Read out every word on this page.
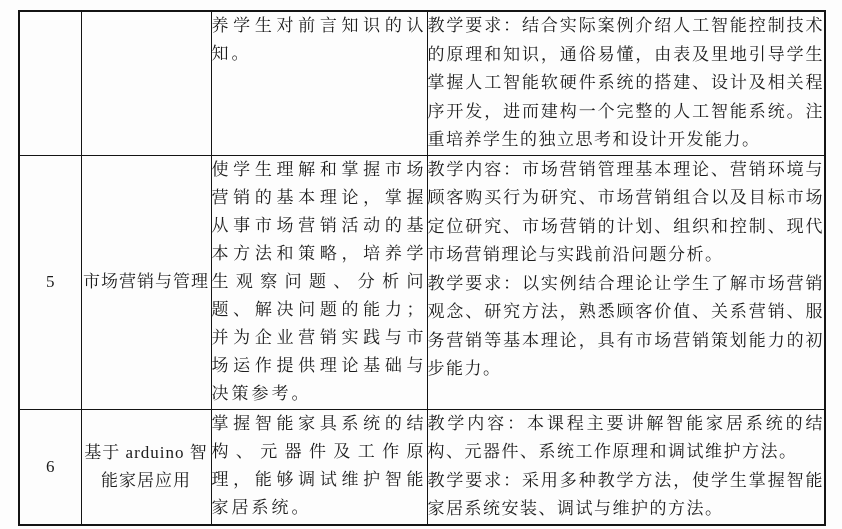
		养学生对前言知识的认知。	教学要求：结合实际案例介绍人工智能控制技术的原理和知识，通俗易懂，由表及里地引导学生掌握人工智能软硬件系统的搭建、设计及相关程序开发，进而建构一个完整的人工智能系统。注重培养学生的独立思考和设计开发能力。

5	市场营销与管理	使学生理解和掌握市场营销的基本理论，掌握从事市场营销活动的基本方法和策略，培养学生观察问题、分析问题、解决问题的能力；并为企业营销实践与市场运作提供理论基础与决策参考。	教学内容：市场营销管理基本理论、营销环境与顾客购买行为研究、市场营销组合以及目标市场定位研究、市场营销的计划、组织和控制、现代市场营销理论与实践前沿问题分析。

教学要求：以实例结合理论让学生了解市场营销观念、研究方法，熟悉顾客价值、关系营销、服务营销等基本理论，具有市场营销策划能力的初步能力。

6	基于 arduino 智能家居应用	掌握智能家具系统的结构、元器件及工作原理，能够调试维护智能家居系统。	教学内容：本课程主要讲解智能家居系统的结构、元器件、系统工作原理和调试维护方法。

教学要求：采用多种教学方法，使学生掌握智能家居系统安装、调试与维护的方法。
